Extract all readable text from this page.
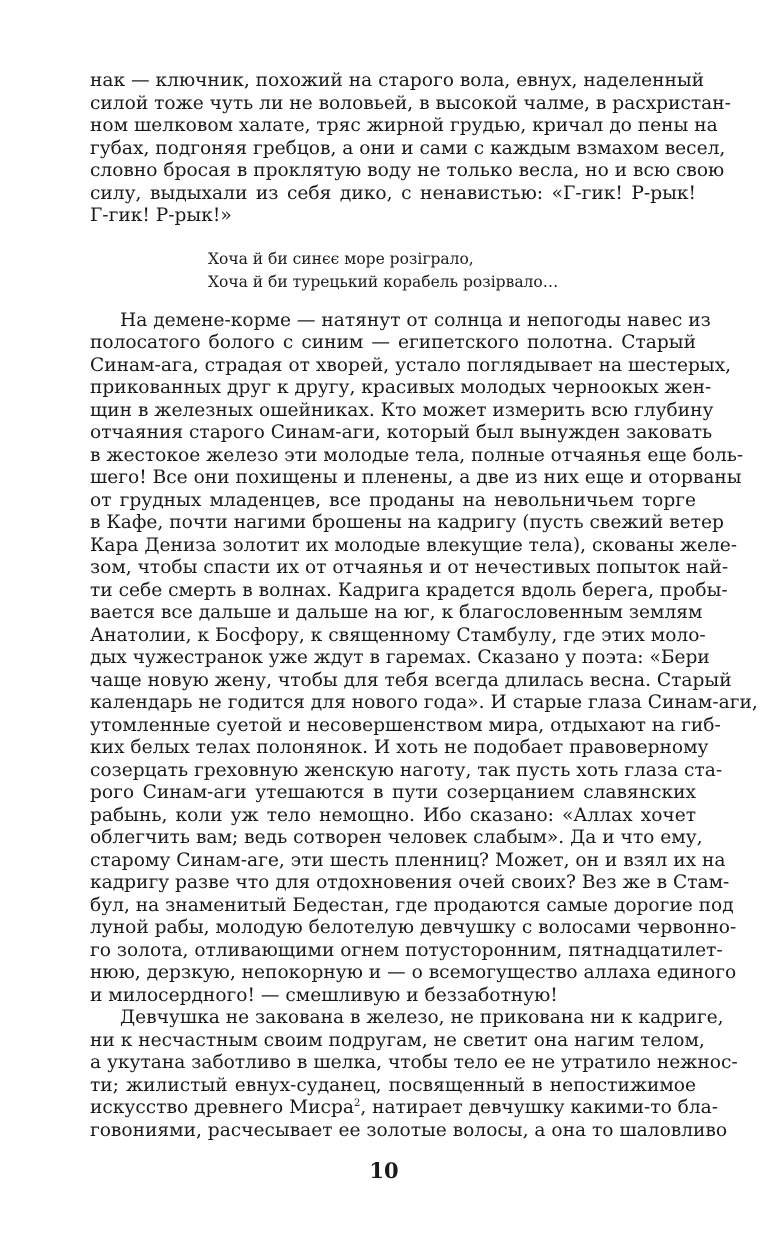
нак — ключник, похожий на старого вола, евнух, наделенный
силой тоже чуть ли не воловьей, в высокой чалме, в расхристан-
ном шелковом халате, тряс жирной грудью, кричал до пены на
губах, подгоняя гребцов, а они и сами с каждым взмахом весел,
словно бросая в проклятую воду не только весла, но и всю свою
силу, выдыхали из себя дико, с ненавистью: «Г-гик! Р-рык!
Г-гик! Р-рык!»
Хоча й би синєє море розіграло,
Хоча й би турецький корабель розірвало…
На демене-корме — натянут от солнца и непогоды навес из
полосатого болого с синим — египетского полотна. Старый
Синам-ага, страдая от хворей, устало поглядывает на шестерых,
прикованных друг к другу, красивых молодых черноокых жен-
щин в железных ошейниках. Кто может измерить всю глубину
отчаяния старого Синам-аги, который был вынужден заковать
в жестокое железо эти молодые тела, полные отчаянья еще боль-
шего! Все они похищены и пленены, а две из них еще и оторваны
от грудных младенцев, все проданы на невольничьем торге
в Кафе, почти нагими брошены на кадригу (пусть свежий ветер
Кара Дениза золотит их молодые влекущие тела), скованы желе-
зом, чтобы спасти их от отчаянья и от нечестивых попыток най-
ти себе смерть в волнах. Кадрига крадется вдоль берега, пробы-
вается все дальше и дальше на юг, к благословенным землям
Анатолии, к Босфору, к священному Стамбулу, где этих моло-
дых чужестранок уже ждут в гаремах. Сказано у поэта: «Бери
чаще новую жену, чтобы для тебя всегда длилась весна. Старый
календарь не годится для нового года». И старые глаза Синам-аги,
утомленные суетой и несовершенством мира, отдыхают на гиб-
ких белых телах полонянок. И хоть не подобает правоверному
созерцать греховную женскую наготу, так пусть хоть глаза ста-
рого Синам-аги утешаются в пути созерцанием славянских
рабынь, коли уж тело немощно. Ибо сказано: «Аллах хочет
облегчить вам; ведь сотворен человек слабым». Да и что ему,
старому Синам-аге, эти шесть пленниц? Может, он и взял их на
кадригу разве что для отдохновения очей своих? Вез же в Стам-
бул, на знаменитый Бедестан, где продаются самые дорогие под
луной рабы, молодую белотелую девчушку с волосами червонно-
го золота, отливающими огнем потусторонним, пятнадцатилет-
нюю, дерзкую, непокорную и — о всемогущество аллаха единого
и милосердного! — смешливую и беззаботную!
Девчушка не закована в железо, не прикована ни к кадриге,
ни к несчастным своим подругам, не светит она нагим телом,
а укутана заботливо в шелка, чтобы тело ее не утратило нежнос-
ти; жилистый евнух-суданец, посвященный в непостижимое
искусство древнего Мисра$^2$, натирает девчушку какими-то бла-
говониями, расчесывает ее золотые волосы, а она то шаловливо
10
